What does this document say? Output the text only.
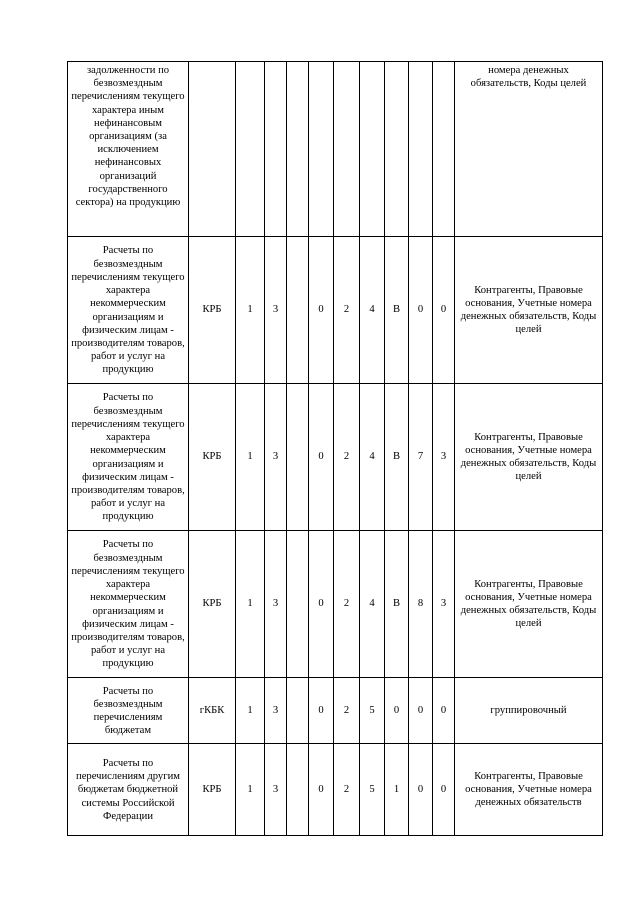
задолженности по безвозмездным перечислениям текущего характера иным нефинансовым организациям (за исключением нефинансовых организаций государственного сектора) на продукцию											номера денежных обязательств, Коды целей
Расчеты по безвозмездным перечислениям текущего характера некоммерческим организациям и физическим лицам - производителям товаров, работ и услуг на продукцию	КРБ	1	3		0	2	4	В	0	0	Контрагенты, Правовые основания, Учетные номера денежных обязательств, Коды целей
Расчеты по безвозмездным перечислениям текущего характера некоммерческим организациям и физическим лицам - производителям товаров, работ и услуг на продукцию	КРБ	1	3		0	2	4	В	7	3	Контрагенты, Правовые основания, Учетные номера денежных обязательств, Коды целей
Расчеты по безвозмездным перечислениям текущего характера некоммерческим организациям и физическим лицам - производителям товаров, работ и услуг на продукцию	КРБ	1	3		0	2	4	В	8	3	Контрагенты, Правовые основания, Учетные номера денежных обязательств, Коды целей
Расчеты по безвозмездным перечислениям бюджетам	гКБК	1	3		0	2	5	0	0	0	группировочный
Расчеты по перечислениям другим бюджетам бюджетной системы Российской Федерации	КРБ	1	3		0	2	5	1	0	0	Контрагенты, Правовые основания, Учетные номера денежных обязательств
